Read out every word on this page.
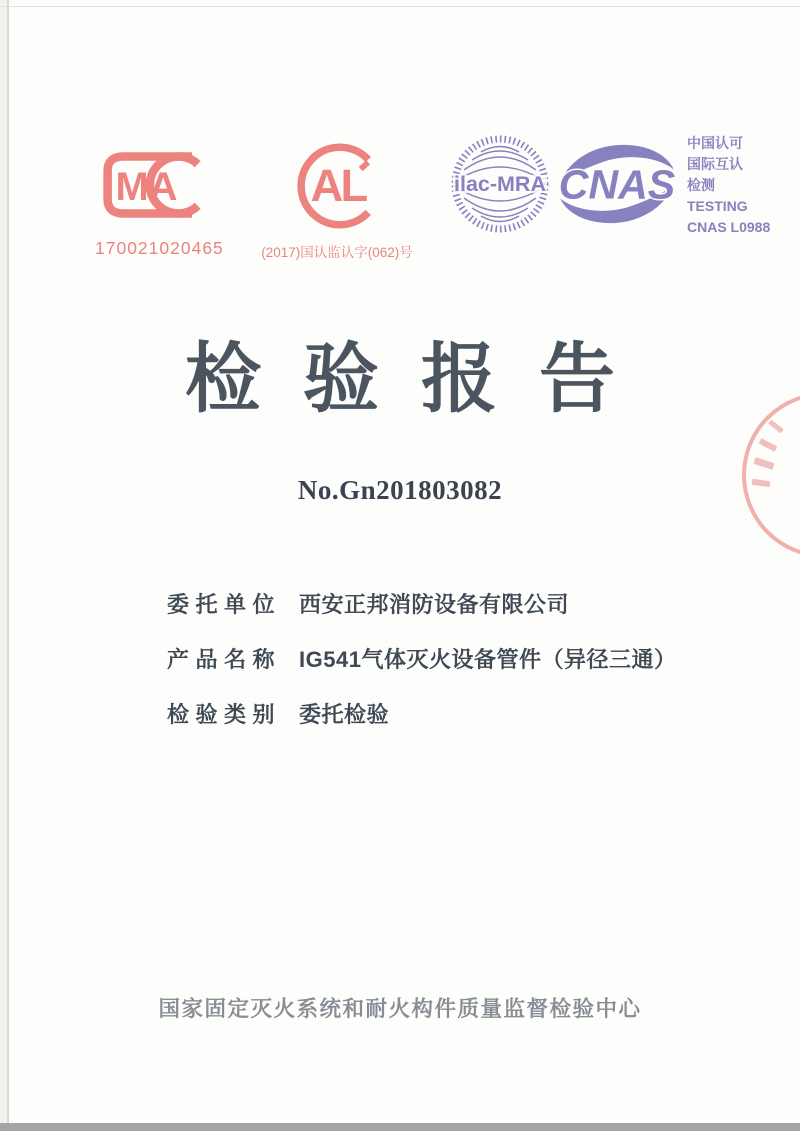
MA
170021020465
AL
(2017)国认监认字(062)号
ilac-MRA CNAS
中国认可
国际互认
检测
TESTING
CNAS L0988
检验报告
No.Gn201803082
委托单位 西安正邦消防设备有限公司
产品名称 IG541气体灭火设备管件（异径三通）
检验类别 委托检验
国家固定灭火系统和耐火构件质量监督检验中心
